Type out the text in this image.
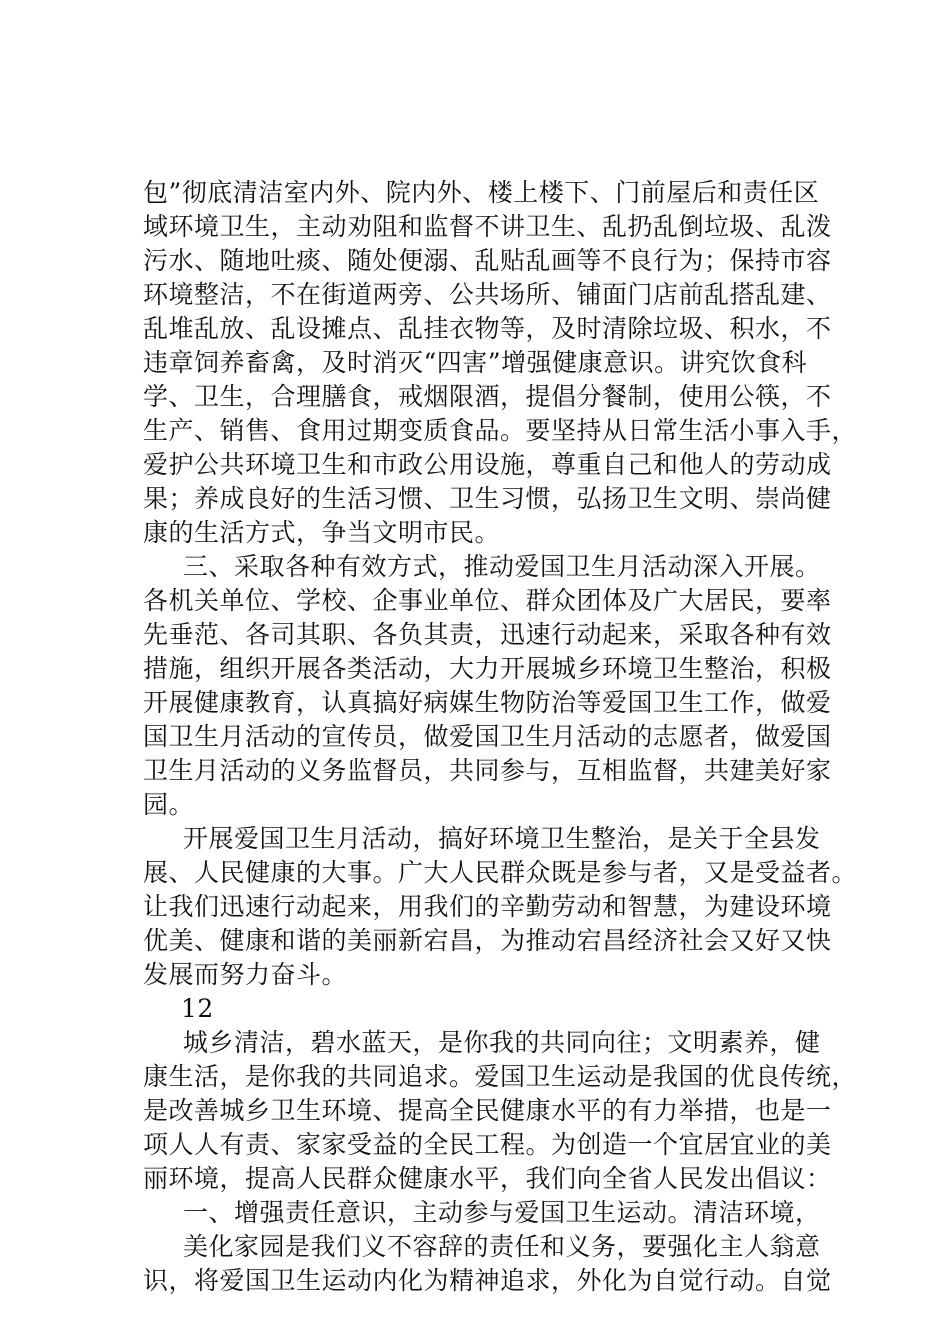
包”彻底清洁室内外、院内外、楼上楼下、门前屋后和责任区
域环境卫生，主动劝阻和监督不讲卫生、乱扔乱倒垃圾、乱泼
污水、随地吐痰、随处便溺、乱贴乱画等不良行为；保持市容
环境整洁，不在街道两旁、公共场所、铺面门店前乱搭乱建、
乱堆乱放、乱设摊点、乱挂衣物等，及时清除垃圾、积水，不
违章饲养畜禽，及时消灭“四害”增强健康意识。讲究饮食科
学、卫生，合理膳食，戒烟限酒，提倡分餐制，使用公筷，不
生产、销售、食用过期变质食品。要坚持从日常生活小事入手，
爱护公共环境卫生和市政公用设施，尊重自己和他人的劳动成
果；养成良好的生活习惯、卫生习惯，弘扬卫生文明、崇尚健
康的生活方式，争当文明市民。
三、采取各种有效方式，推动爱国卫生月活动深入开展。
各机关单位、学校、企事业单位、群众团体及广大居民，要率
先垂范、各司其职、各负其责，迅速行动起来，采取各种有效
措施，组织开展各类活动，大力开展城乡环境卫生整治，积极
开展健康教育，认真搞好病媒生物防治等爱国卫生工作，做爱
国卫生月活动的宣传员，做爱国卫生月活动的志愿者，做爱国
卫生月活动的义务监督员，共同参与，互相监督，共建美好家
园。
开展爱国卫生月活动，搞好环境卫生整治，是关于全县发
展、人民健康的大事。广大人民群众既是参与者，又是受益者。
让我们迅速行动起来，用我们的辛勤劳动和智慧，为建设环境
优美、健康和谐的美丽新宕昌，为推动宕昌经济社会又好又快
发展而努力奋斗。
12
城乡清洁，碧水蓝天，是你我的共同向往；文明素养，健
康生活，是你我的共同追求。爱国卫生运动是我国的优良传统，
是改善城乡卫生环境、提高全民健康水平的有力举措，也是一
项人人有责、家家受益的全民工程。为创造一个宜居宜业的美
丽环境，提高人民群众健康水平，我们向全省人民发出倡议：
一、增强责任意识，主动参与爱国卫生运动。清洁环境，
美化家园是我们义不容辞的责任和义务，要强化主人翁意
识，将爱国卫生运动内化为精神追求，外化为自觉行动。自觉
